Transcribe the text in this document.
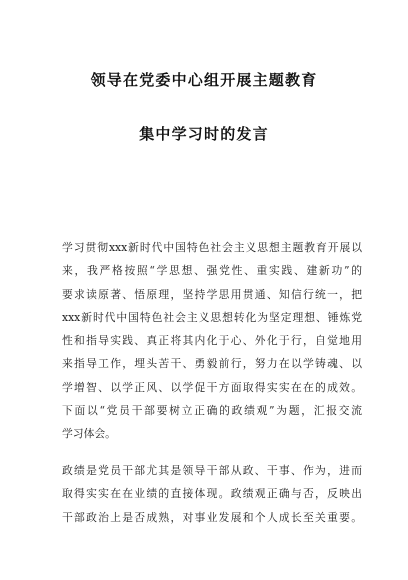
领导在党委中心组开展主题教育
集中学习时的发言
学习贯彻xxx新时代中国特色社会主义思想主题教育开展以
来，我严格按照“学思想、强党性、重实践、建新功”的
要求读原著、悟原理，坚持学思用贯通、知信行统一，把
xxx新时代中国特色社会主义思想转化为坚定理想、锤炼党
性和指导实践、真正将其内化于心、外化于行，自觉地用
来指导工作，埋头苦干、勇毅前行，努力在以学铸魂、以
学增智、以学正风、以学促干方面取得实实在在的成效。
下面以“党员干部要树立正确的政绩观”为题，汇报交流
学习体会。
政绩是党员干部尤其是领导干部从政、干事、作为，进而
取得实实在在业绩的直接体现。政绩观正确与否，反映出
干部政治上是否成熟，对事业发展和个人成长至关重要。
